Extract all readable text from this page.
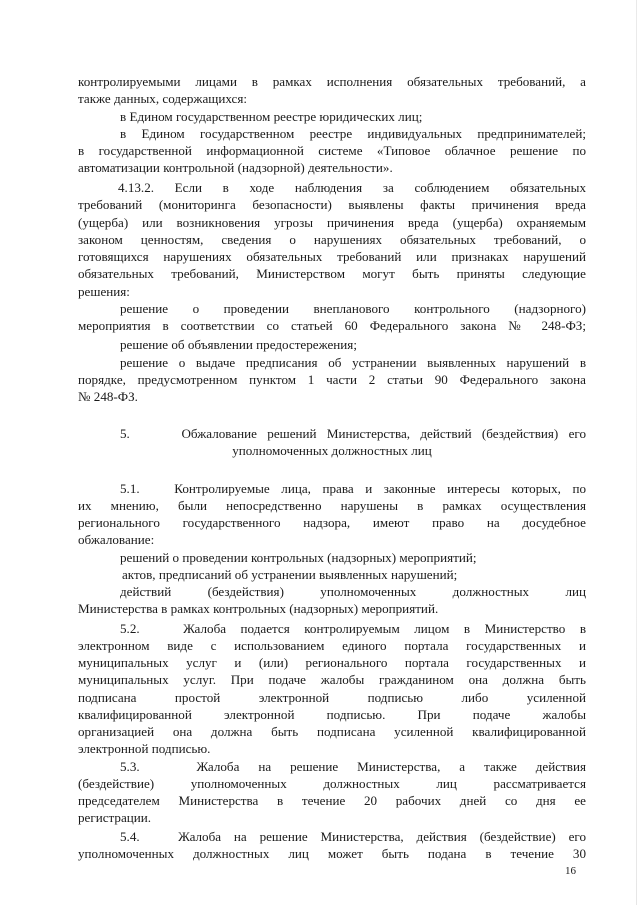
контролируемыми лицами в рамках исполнения обязательных требований, а
также данных, содержащихся:
в Едином государственном реестре юридических лиц;
в Едином государственном реестре индивидуальных предпринимателей;
в государственной информационной системе «Типовое облачное решение по
автоматизации контрольной (надзорной) деятельности».
4.13.2. Если в ходе наблюдения за соблюдением обязательных
требований (мониторинга безопасности) выявлены факты причинения вреда
(ущерба) или возникновения угрозы причинения вреда (ущерба) охраняемым
законом ценностям, сведения о нарушениях обязательных требований, о
готовящихся нарушениях обязательных требований или признаках нарушений
обязательных требований, Министерством могут быть приняты следующие
решения:
решение о проведении внепланового контрольного (надзорного)
мероприятия в соответствии со статьей 60 Федерального закона № 248-ФЗ;
решение об объявлении предостережения;
решение о выдаче предписания об устранении выявленных нарушений в
порядке, предусмотренном пунктом 1 части 2 статьи 90 Федерального закона
№ 248-ФЗ.
5.     Обжалование решений Министерства, действий (бездействия) его
уполномоченных должностных лиц
5.1.   Контролируемые лица, права и законные интересы которых, по
их мнению, были непосредственно нарушены в рамках осуществления
регионального государственного надзора, имеют право на досудебное
обжалование:
решений о проведении контрольных (надзорных) мероприятий;
актов, предписаний об устранении выявленных нарушений;
действий (бездействия) уполномоченных должностных лиц
Министерства в рамках контрольных (надзорных) мероприятий.
5.2.   Жалоба подается контролируемым лицом в Министерство в
электронном виде с использованием единого портала государственных и
муниципальных услуг и (или) регионального портала государственных и
муниципальных услуг. При подаче жалобы гражданином она должна быть
подписана простой электронной подписью либо усиленной
квалифицированной электронной подписью. При подаче жалобы
организацией она должна быть подписана усиленной квалифицированной
электронной подписью.
5.3.   Жалоба на решение Министерства, а также действия
(бездействие) уполномоченных должностных лиц рассматривается
председателем Министерства в течение 20 рабочих дней со дня ее
регистрации.
5.4.   Жалоба на решение Министерства, действия (бездействие) его
уполномоченных должностных лиц может быть подана в течение 30
16
